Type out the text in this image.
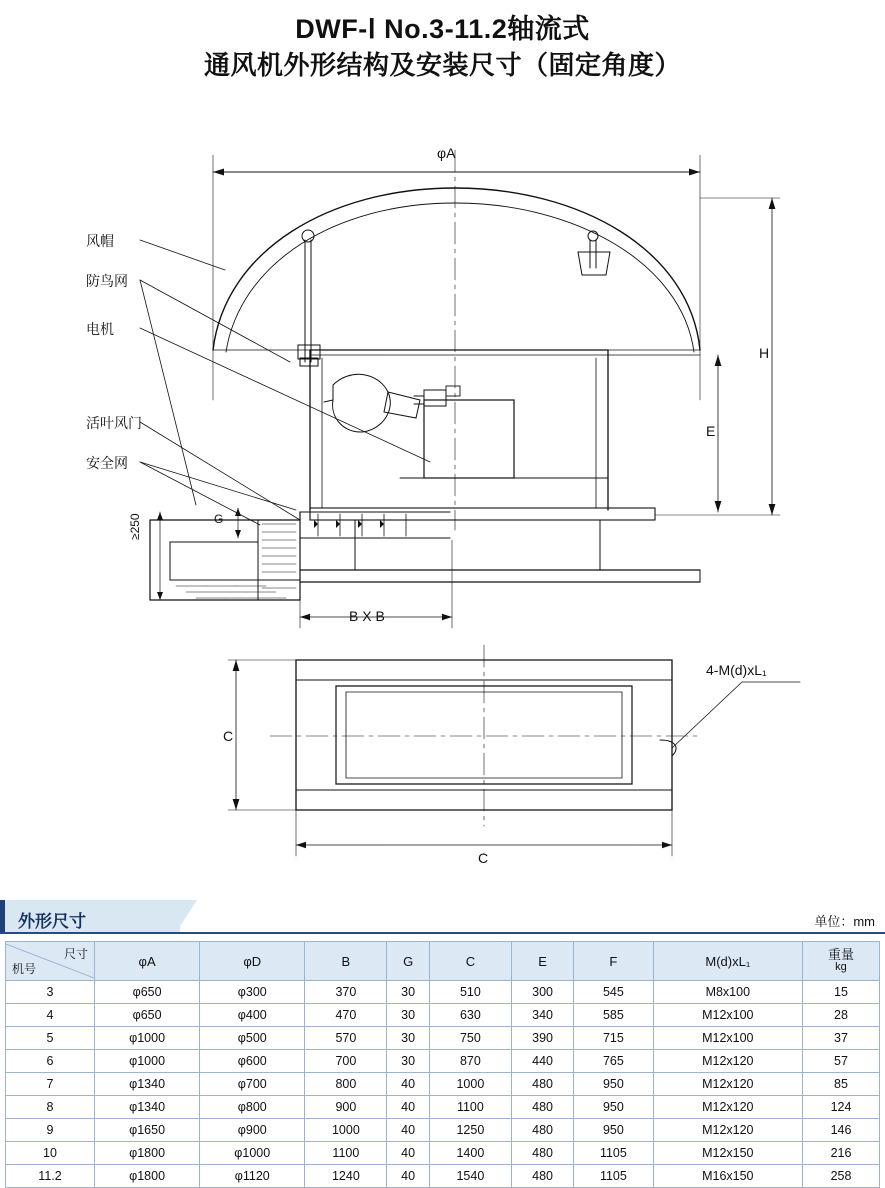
DWF-Ⅰ No.3-11.2轴流式
通风机外形结构及安装尺寸（固定角度）
风帽
防鸟网
电机
活叶风门
安全网
φA
H
E
G
≥250
B X B
C
C
4-M(d)xL₁
外形尺寸	单位：mm
尺寸
机号
	φA	φD	B	G	C	E	F	M(d)xL₁	重量
kg

3	φ650	φ300	370	30	510	300	545	M8x100	15
4	φ650	φ400	470	30	630	340	585	M12x100	28
5	φ1000	φ500	570	30	750	390	715	M12x100	37
6	φ1000	φ600	700	30	870	440	765	M12x120	57
7	φ1340	φ700	800	40	1000	480	950	M12x120	85
8	φ1340	φ800	900	40	1100	480	950	M12x120	124
9	φ1650	φ900	1000	40	1250	480	950	M12x120	146
10	φ1800	φ1000	1100	40	1400	480	1105	M12x150	216
11.2	φ1800	φ1120	1240	40	1540	480	1105	M16x150	258
